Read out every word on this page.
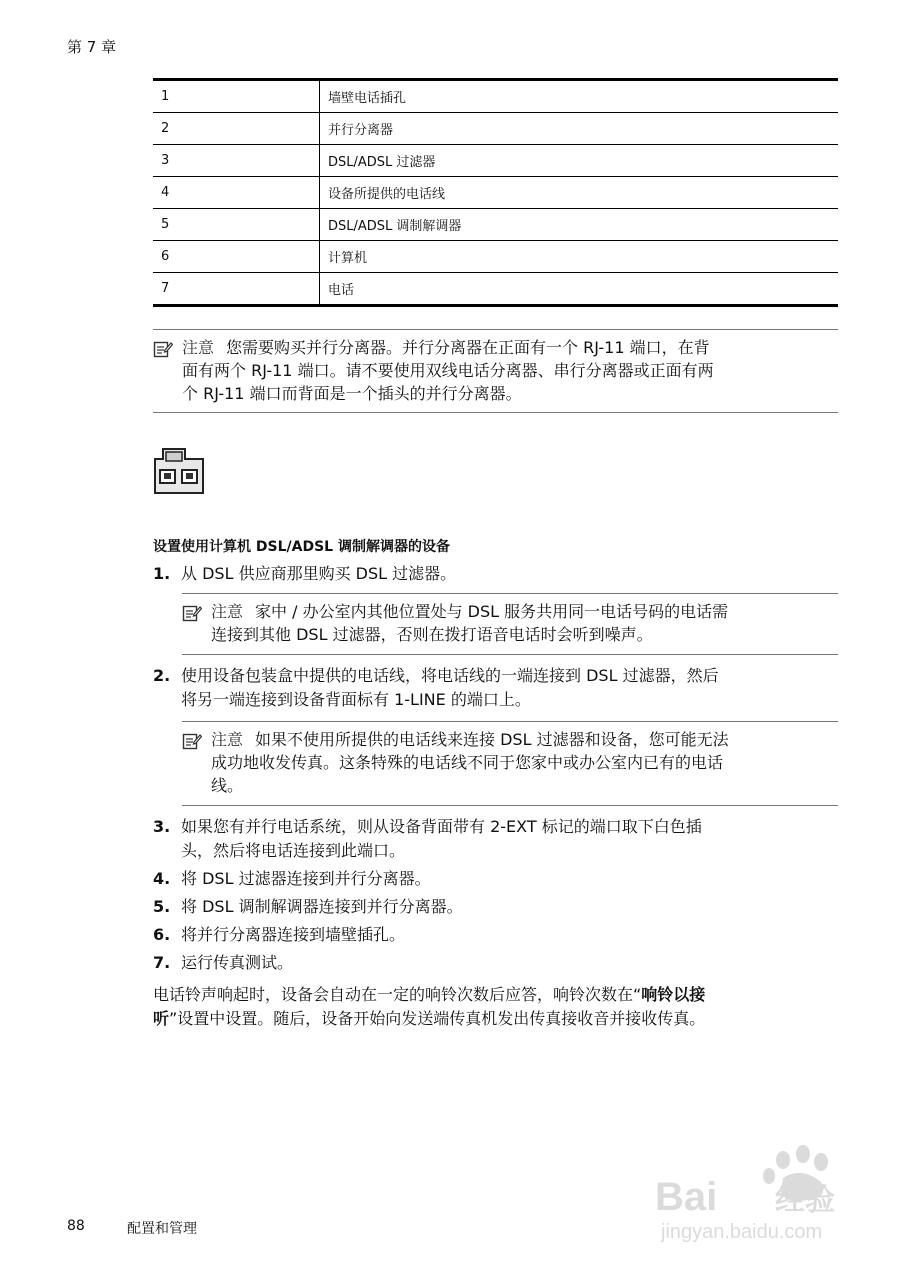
第 7 章
1	墙壁电话插孔
2	并行分离器
3	DSL/ADSL 过滤器
4	设备所提供的电话线
5	DSL/ADSL 调制解调器
6	计算机
7	电话
注意 您需要购买并行分离器。并行分离器在正面有一个 RJ-11 端口，在背
面有两个 RJ-11 端口。请不要使用双线电话分离器、串行分离器或正面有两
个 RJ-11 端口而背面是一个插头的并行分离器。
设置使用计算机 DSL/ADSL 调制解调器的设备
1. 从 DSL 供应商那里购买 DSL 过滤器。
注意 家中 / 办公室内其他位置处与 DSL 服务共用同一电话号码的电话需
连接到其他 DSL 过滤器，否则在拨打语音电话时会听到噪声。
2. 使用设备包装盒中提供的电话线，将电话线的一端连接到 DSL 过滤器，然后
将另一端连接到设备背面标有 1-LINE 的端口上。
注意 如果不使用所提供的电话线来连接 DSL 过滤器和设备，您可能无法
成功地收发传真。这条特殊的电话线不同于您家中或办公室内已有的电话
线。
3. 如果您有并行电话系统，则从设备背面带有 2-EXT 标记的端口取下白色插
头，然后将电话连接到此端口。
4. 将 DSL 过滤器连接到并行分离器。
5. 将 DSL 调制解调器连接到并行分离器。
6. 将并行分离器连接到墙壁插孔。
7. 运行传真测试。
电话铃声响起时，设备会自动在一定的响铃次数后应答，响铃次数在“响铃以接
听”设置中设置。随后，设备开始向发送端传真机发出传真接收音并接收传真。
88	配置和管理
Bai 经验
jingyan.baidu.com
